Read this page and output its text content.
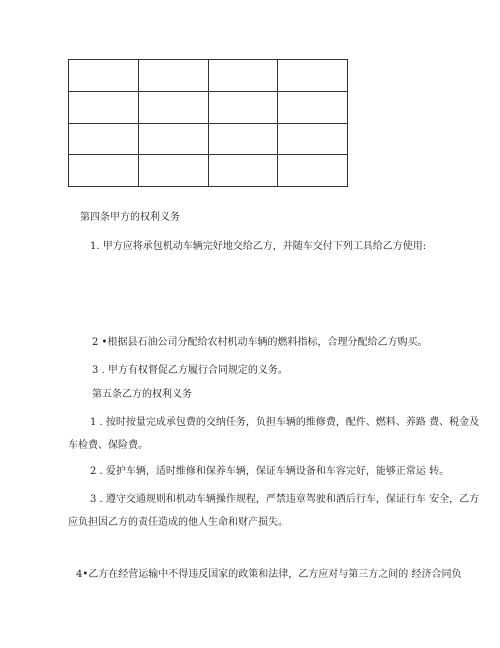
第四条甲方的权利义务
1. 甲方应将承包机动车辆完好地交给乙方，并随车交付下列工具给乙方使用:
2 •根据县石油公司分配给农村机动车辆的燃料指标，合理分配给乙方购买。
3 . 甲方有权督促乙方履行合同规定的义务。
第五条乙方的权利义务
1 . 按时按量完成承包费的交纳任务，负担车辆的维修费，配件、燃料、养路 费、税金及
车检费、保险费。
2 . 爱护车辆，适时维修和保养车辆，保证车辆设备和车容完好，能够正常运 转。
3 . 遵守交通规则和机动车辆操作规程，严禁违章驾驶和酒后行车，保证行车 安全，乙方
应负担因乙方的责任造成的他人生命和财产损失。
4•乙方在经营运输中不得违反国家的政策和法律，乙方应对与第三方之间的 经济合同负
